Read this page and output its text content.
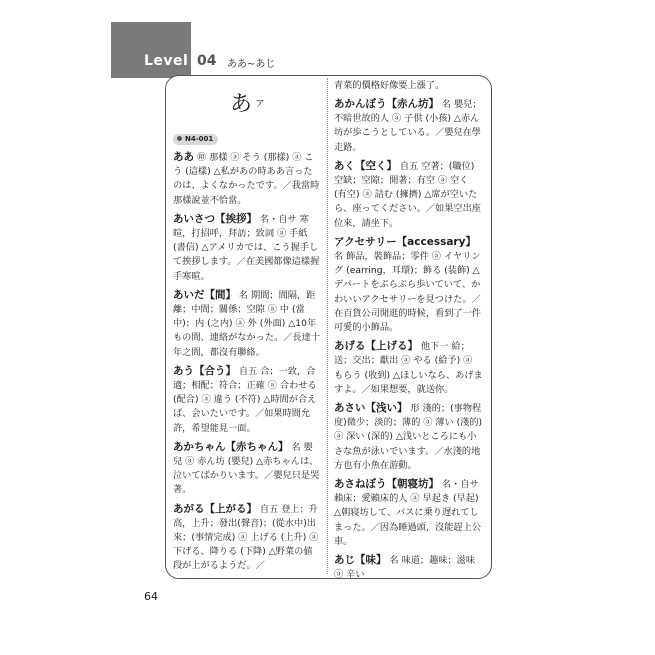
Level 04 ああ~あじ
あ ァ
N4-001
ああ ㊞ 那樣 ⓐ そう (那樣) ⓐ こう (這樣) △私があの時ああ言ったのは、よくなかったです。／我當時那樣說並不恰當。
あいさつ【挨拶】 名・自サ 寒暄，打招呼，拜訪；致詞 ⓐ 手紙 (書信) △アメリカでは、こう握手して挨拶します。／在美國都像這樣握手寒暄。
あいだ【間】 名 期間；間隔，距離；中間；關係；空隙 ⓐ 中 (當中)；内 (之内) ⓐ 外 (外面) △10年もの間、連絡がなかった。／長達十年之間，都沒有聯絡。
あう【合う】 自五 合；一致，合適；相配；符合；正確 ⓐ 合わせる (配合) ⓐ 違う (不符) △時間が合えば、会いたいです。／如果時間允許，希望能見一面。
あかちゃん【赤ちゃん】 名 嬰兒 ⓐ 赤ん坊 (嬰兒) △赤ちゃんは、泣いてばかりいます。／嬰兒只是哭著。
あがる【上がる】 自五 登上；升高，上升；發出(聲音)；(從水中)出來；(事情完成) ⓐ 上げる (上升) ⓐ 下げる、降りる (下降) △野菜の値段が上がるようだ。／
青菜的價格好像要上漲了。
あかんぼう【赤ん坊】 名 嬰兒；不暗世故的人 ⓐ 子供 (小孩) △赤ん坊が歩こうとしている。／嬰兒在學走路。
あく【空く】 自五 空著；(職位)空缺；空隙；閒著；有空 ⓐ 空く (有空) ⓐ 詰む (擁擠) △席が空いたら、座ってください。／如果空出座位來，請坐下。
アクセサリー【accessary】 名 飾品，裝飾品；零件 ⓐ イヤリング (earring，耳環)；飾る (装飾) △デパートをぶらぶら歩いていて、かわいいアクセサリーを見つけた。／在百貨公司閒逛的時候，看到了一件可愛的小飾品。
あげる【上げる】 他下一 給；送；交出；獻出 ⓐ やる (給予) ⓐ もらう (收到) △ほしいなら、あげますよ。／如果想要，就送你。
あさい【浅い】 形 淺的；(事物程度)微少；淡的；薄的 ⓐ 薄い (淺的) ⓐ 深い (深的) △浅いところにも小さな魚が泳いでいます。／水淺的地方也有小魚在游動。
あさねぼう【朝寝坊】 名・自サ 賴床；愛賴床的人 ⓐ 早起き (早起) △朝寝坊して、バスに乗り遅れてしまった。／因為睡過頭，沒能趕上公車。
あじ【味】 名 味道；趣味；滋味 ⓐ 辛い
64
